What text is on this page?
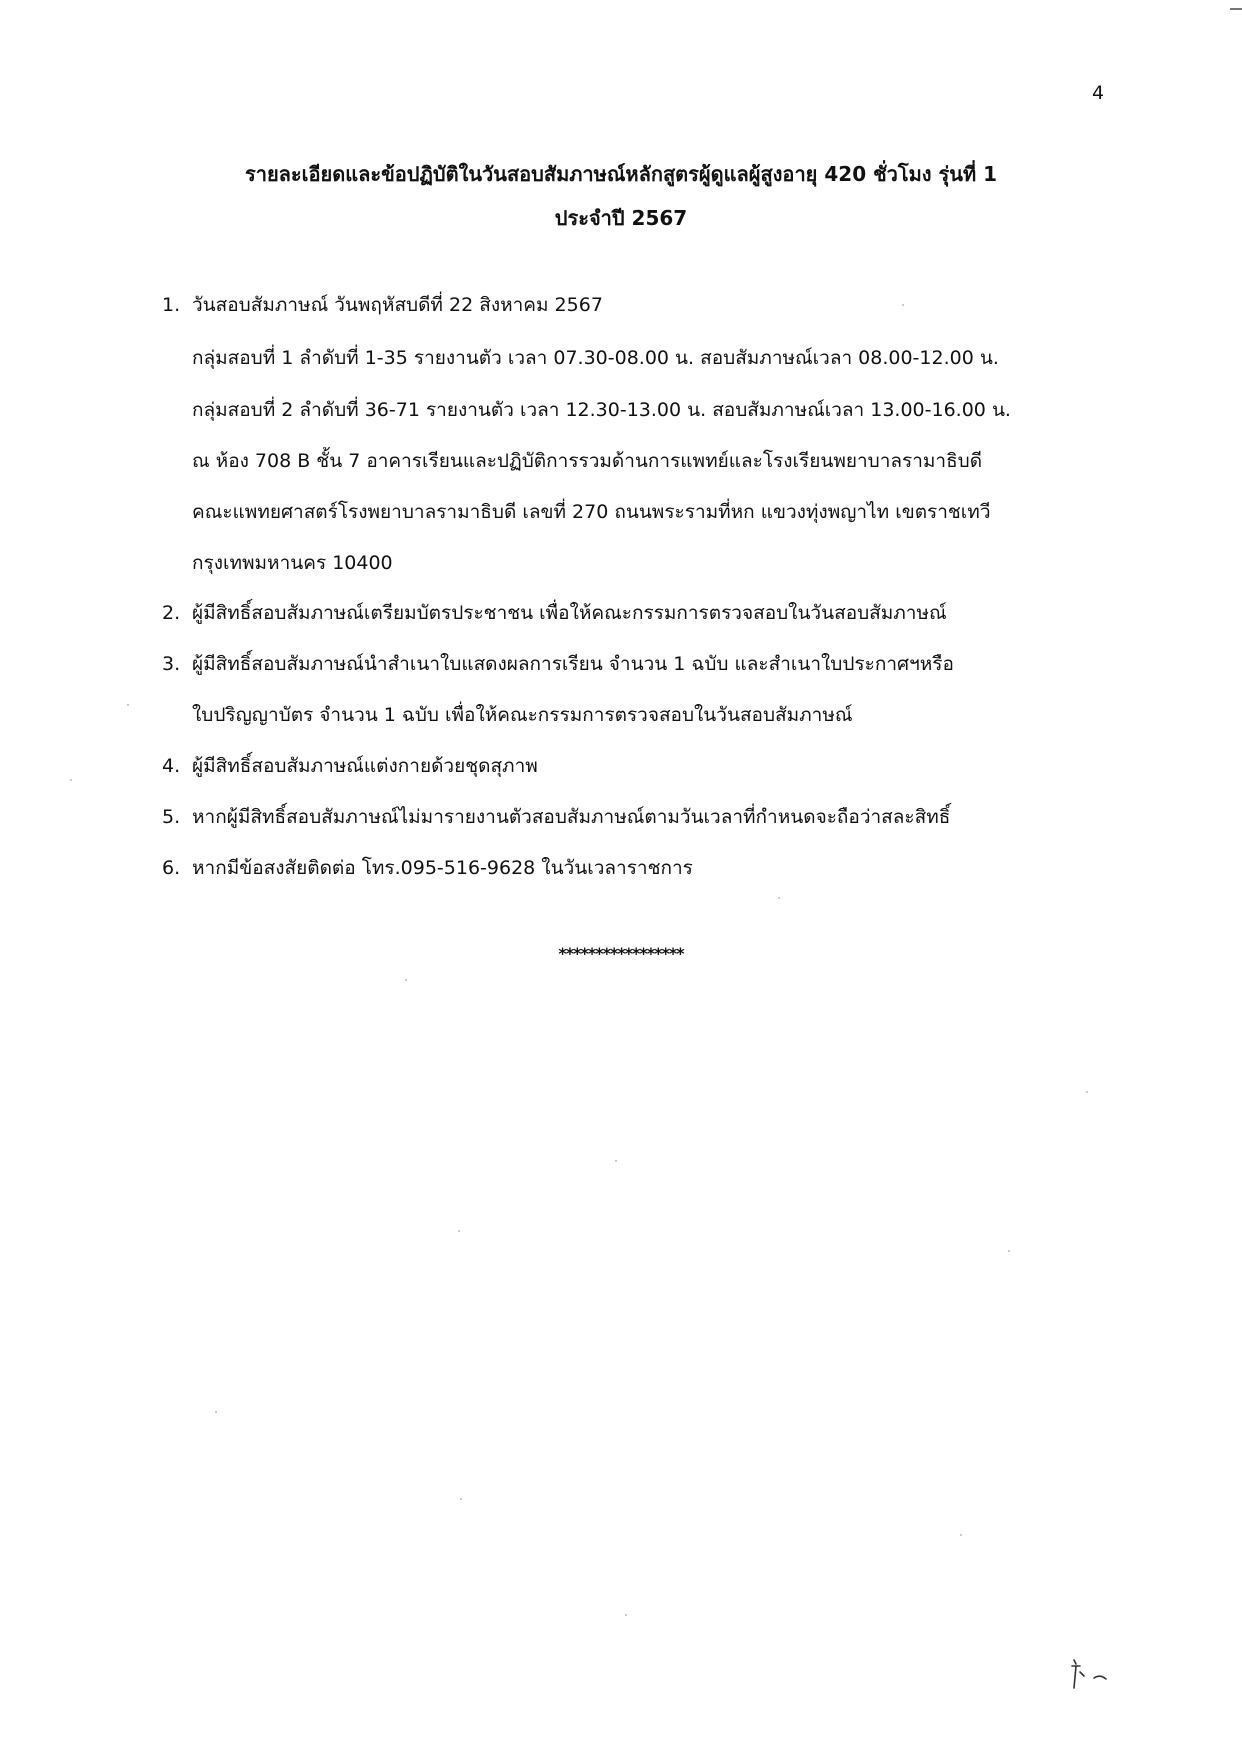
4
รายละเอียดและข้อปฏิบัติในวันสอบสัมภาษณ์หลักสูตรผู้ดูแลผู้สูงอายุ 420 ชั่วโมง รุ่นที่ 1
ประจำปี 2567
1. วันสอบสัมภาษณ์ วันพฤหัสบดีที่ 22 สิงหาคม 2567
กลุ่มสอบที่ 1 ลำดับที่ 1-35 รายงานตัว เวลา 07.30-08.00 น. สอบสัมภาษณ์เวลา 08.00-12.00 น.
กลุ่มสอบที่ 2 ลำดับที่ 36-71 รายงานตัว เวลา 12.30-13.00 น. สอบสัมภาษณ์เวลา 13.00-16.00 น.
ณ ห้อง 708 B ชั้น 7 อาคารเรียนและปฏิบัติการรวมด้านการแพทย์และโรงเรียนพยาบาลรามาธิบดี
คณะแพทยศาสตร์โรงพยาบาลรามาธิบดี เลขที่ 270 ถนนพระรามที่หก แขวงทุ่งพญาไท เขตราชเทวี
กรุงเทพมหานคร 10400
2. ผู้มีสิทธิ์สอบสัมภาษณ์เตรียมบัตรประชาชน เพื่อให้คณะกรรมการตรวจสอบในวันสอบสัมภาษณ์
3. ผู้มีสิทธิ์สอบสัมภาษณ์นำสำเนาใบแสดงผลการเรียน จำนวน 1 ฉบับ และสำเนาใบประกาศฯหรือ
ใบปริญญาบัตร จำนวน 1 ฉบับ เพื่อให้คณะกรรมการตรวจสอบในวันสอบสัมภาษณ์
4. ผู้มีสิทธิ์สอบสัมภาษณ์แต่งกายด้วยชุดสุภาพ
5. หากผู้มีสิทธิ์สอบสัมภาษณ์ไม่มารายงานตัวสอบสัมภาษณ์ตามวันเวลาที่กำหนดจะถือว่าสละสิทธิ์
6. หากมีข้อสงสัยติดต่อ โทร.095-516-9628 ในวันเวลาราชการ
*****************
